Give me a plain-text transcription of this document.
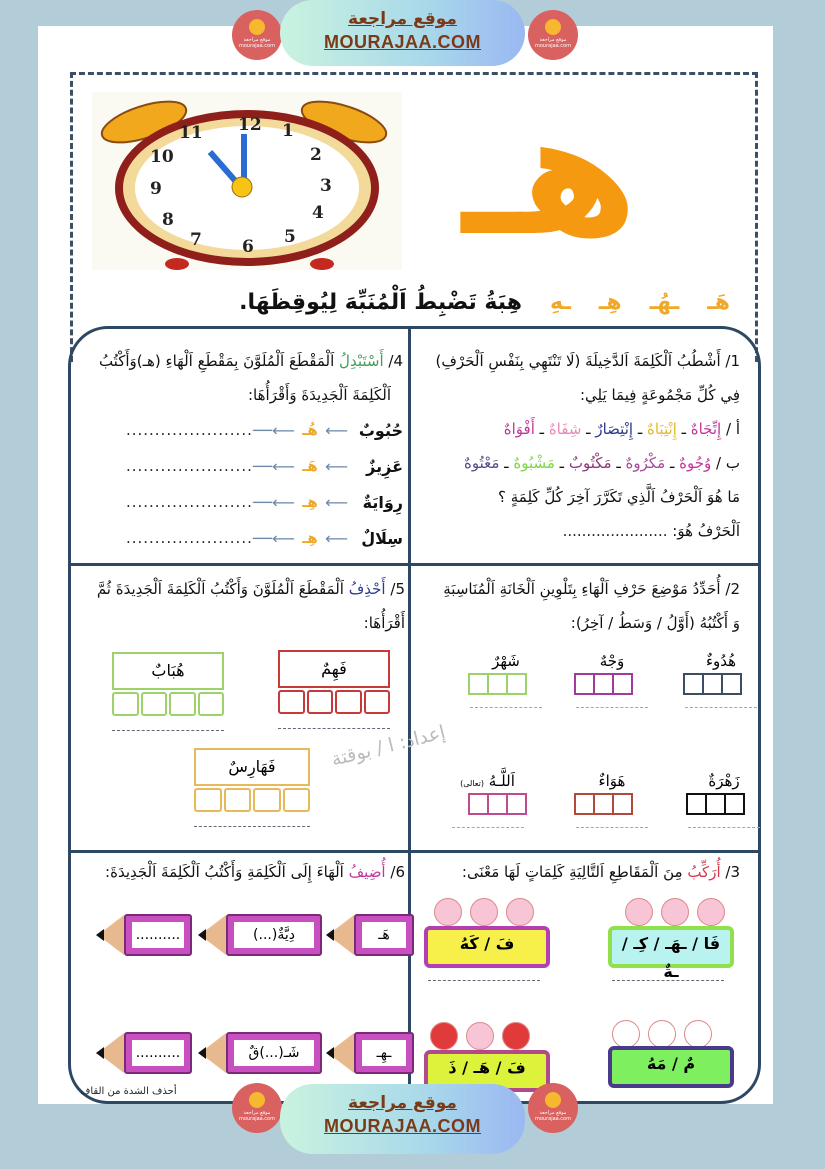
موقع مراجعة mourajaa.com
موقع مراجعة
MOURAJAA.COM	موقع مراجعة mourajaa.com
12 1
2
3
4
5
6
7
8
9
10
11 هـ
هَـ
ـهُـ
هِـ
ـهِ
هِبَةُ تَضْبِطُ اَلْمُنَبِّهَ لِيُوقِظَهَا.
1/ أَشْطُبُ اَلْكَلِمَةَ اَلدَّخِيلَةَ (لَا تَنْتَهِي بِنَفْسِ اَلْحَرْفِ)
فِي كُلِّ مَجْمُوعَةٍ فِيمَا يَلِي:
أ / إِتِّجَاهٌ ـ إِنْتِبَاهٌ ـ إِنْتِصَارٌ ـ شِفَاهٌ ـ أَفْوَاهٌ
ب / وُجُوهٌ ـ مَكْرُوهٌ ـ مَكْتُوبٌ ـ مَشْبُوهٌ ـ مَعْتُوهٌ
مَا هُوَ اَلْحَرْفُ اَلَّذِي تَكَرَّرَ آخِرَ كُلِّ كَلِمَةٍ ؟
اَلْحَرْفُ هُوَ: ......................
4/ أَسْتَبْدِلُ اَلْمَقْطَعَ اَلْمُلَوَّنَ بِمَقْطَعِ اَلْهَاءِ (هـ)وَأَكْتُبُ
اَلْكَلِمَةَ اَلْجَدِيدَةَ وَأَقْرَأُهَا:
حُبُوبٌ
⟵
هُـ
⟵──
......................
عَزِيزٌ
⟵
هَـ
⟵──
......................
رِوَايَةٌ
⟵
هِـ
⟵──
......................
سِلَالٌ
⟵
هِـ
⟵──
......................
2/ أُحَدِّدُ مَوْضِعَ حَرْفِ اَلْهَاءِ بِتَلْوِينِ اَلْخَانَةِ اَلْمُنَاسِبَةِ
وَ أَكْتُبُهُ (أَوَّلُ / وَسَطُ / آخِرُ):
هُدُوءٌ
وَجْهٌ
شَهْرٌ
زَهْرَةٌ
هَوَاءٌ
اَللَّـهُ (تعالى)
5/ أَحْذِفُ اَلْمَقْطَعَ اَلْمُلَوَّنَ وَأَكْتُبُ اَلْكَلِمَةَ اَلْجَدِيدَةَ ثُمَّ
أَقْرَأُهَا:
فَهِمٌ
هُبَابٌ
فَهَارِسٌ	إعداد: ا / بوقتة
3/ أُرَكِّبُ مِنَ اَلْمَقَاطِعِ اَلتَّالِيَةِ كَلِمَاتٍ لَهَا مَعْنَى:
فَا / ـهَـ / كِـ / ـةٌ
فَ / كَهُ
مٌ / مَهُ
فَ / هَـ / ذَ
6/ أُضِيفُ اَلْهَاءَ إِلَى اَلْكَلِمَةِ وَأَكْتُبُ اَلْكَلِمَةَ اَلْجَدِيدَةَ:
هَـ
(...)دِيَّةٌ
..........
ـهِـ
شَـ(...)قٌ
..........
أحذف الشدة من القاف
موقع مراجعة mourajaa.com
موقع مراجعة
MOURAJAA.COM
موقع مراجعة mourajaa.com
